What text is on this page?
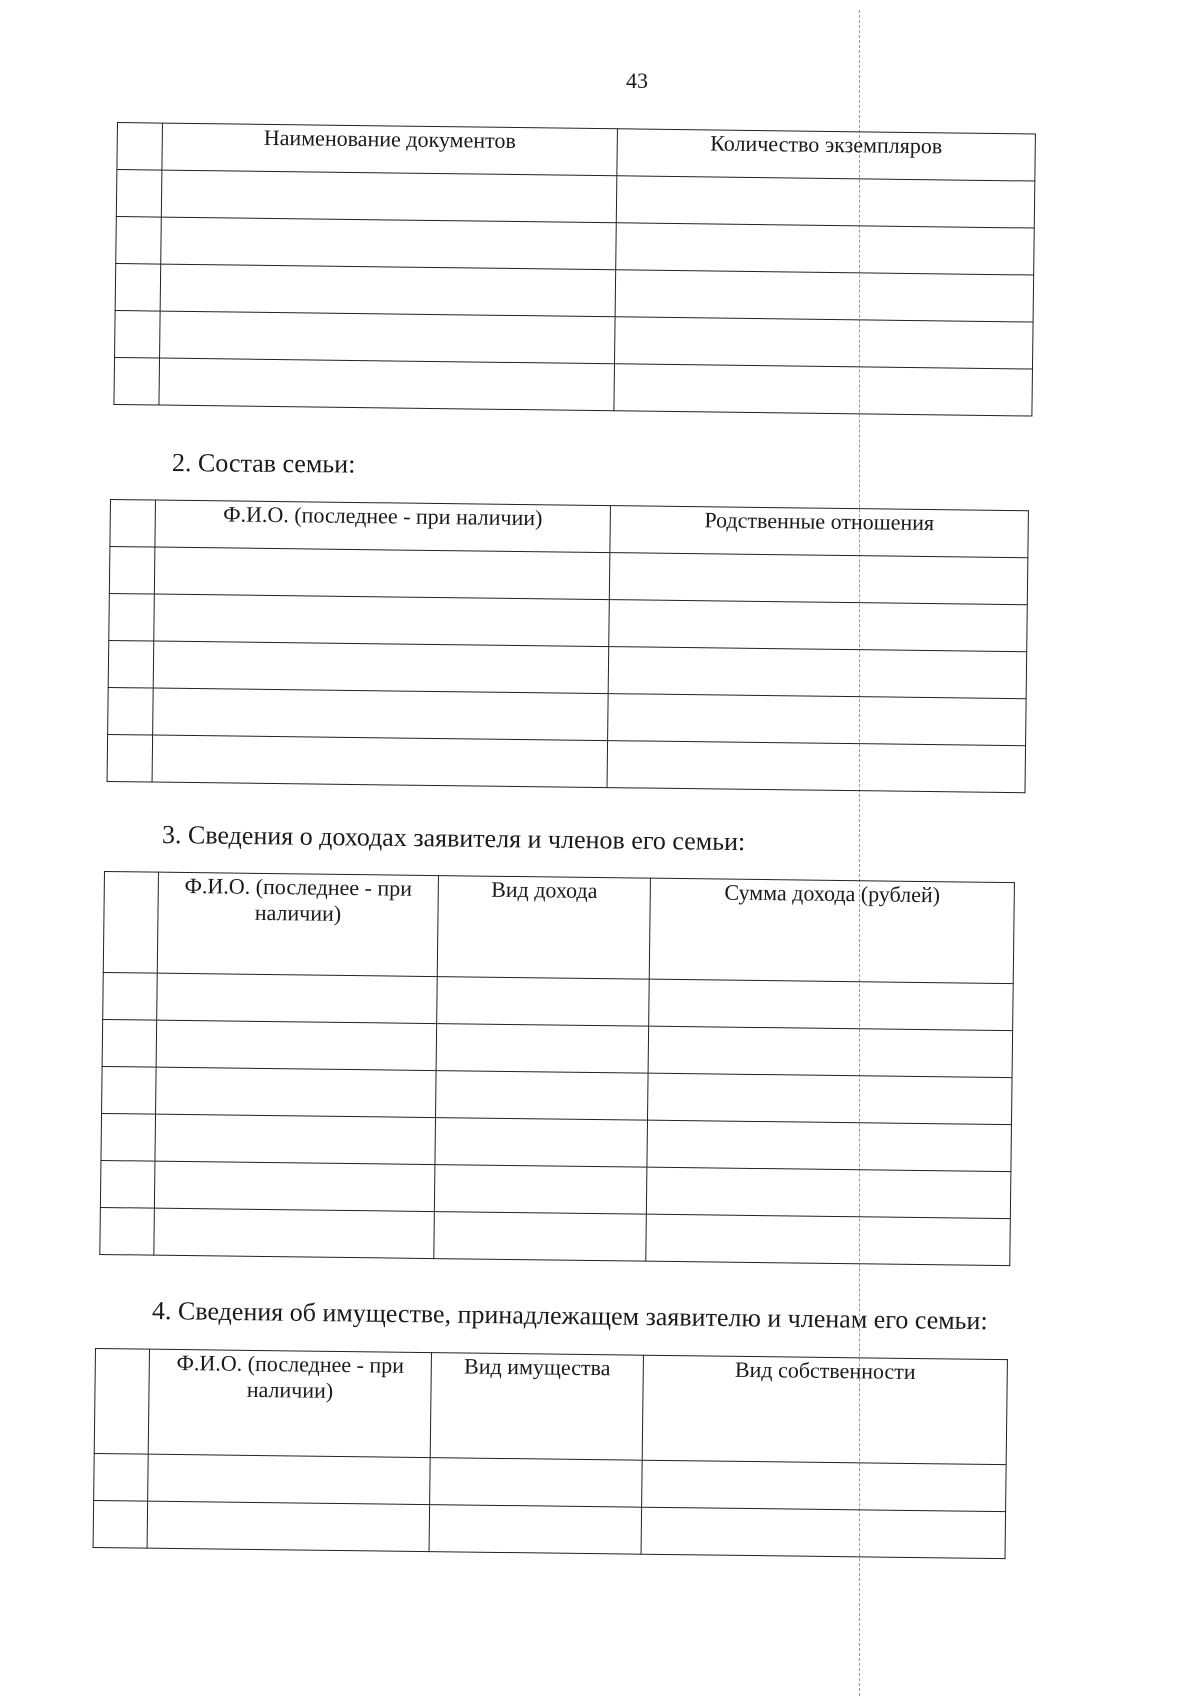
43
	Наименование документов	Количество экземпляров

2. Состав семьи:
	Ф.И.О. (последнее - при наличии)	Родственные отношения

3. Сведения о доходах заявителя и членов его семьи:
	Ф.И.О. (последнее - при наличии)	Вид дохода	Сумма дохода (рублей)

4. Сведения об имуществе, принадлежащем заявителю и членам его семьи:
	Ф.И.О. (последнее - при наличии)	Вид имущества	Вид собственности
